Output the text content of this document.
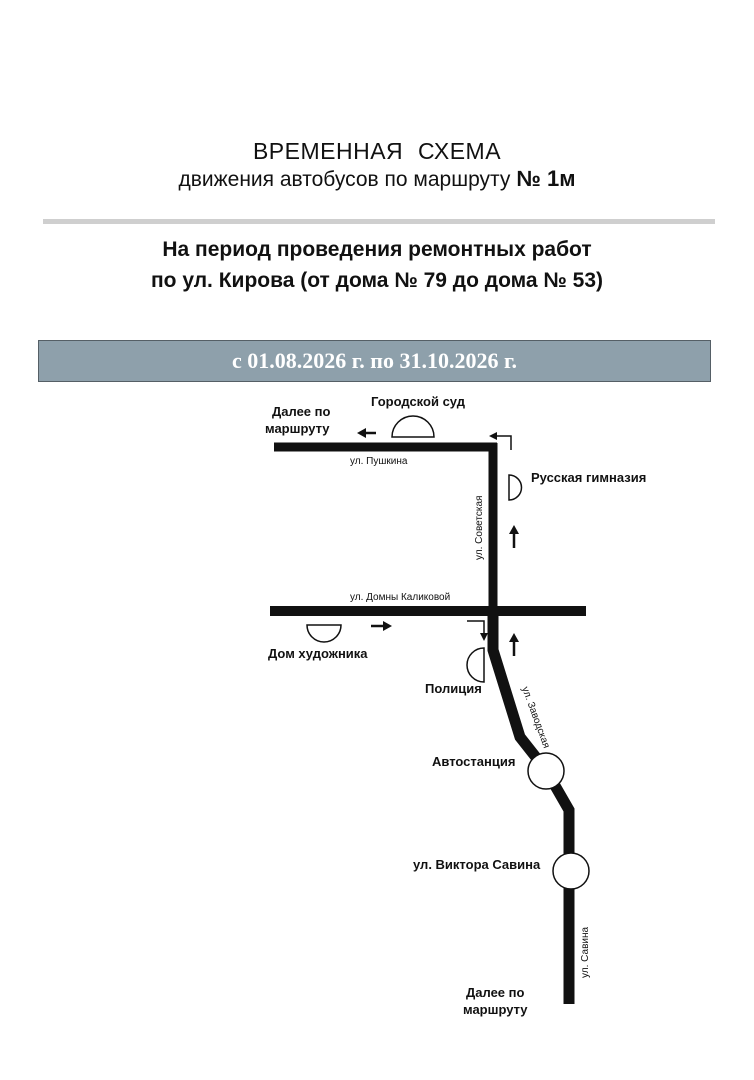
ВРЕМЕННАЯ СХЕМА
движения автобусов по маршруту № 1м
На период проведения ремонтных работ
по ул. Кирова (от дома № 79 до дома № 53)
с 01.08.2026 г. по 31.10.2026 г.
ул. Пушкина
ул. Советская
ул. Домны Каликовой
ул. Заводская
ул. Савина
Городской суд
Русская гимназия
Дом художника
Полиция
Автостанция
ул. Виктора Савина
Далее по
маршруту
Далее по
маршруту
